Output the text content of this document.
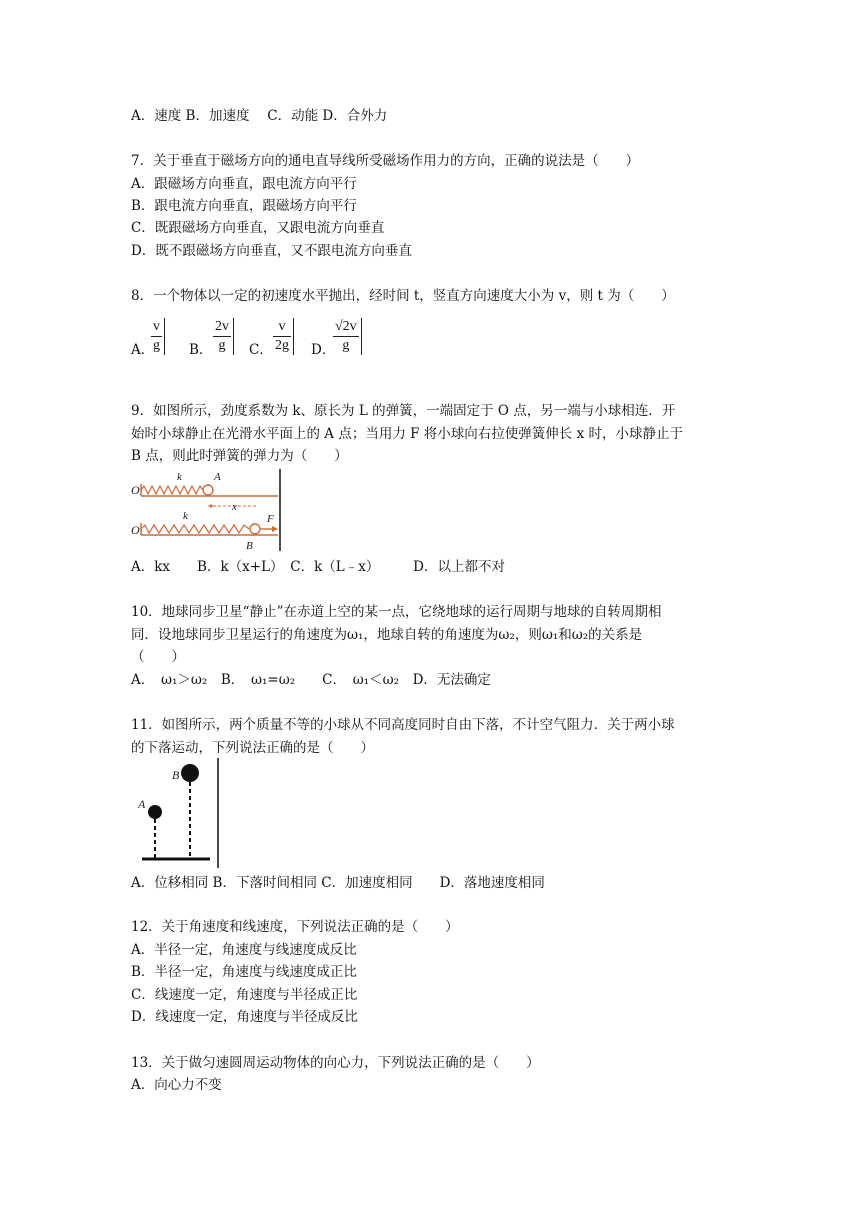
A．速度 B．加速度　 C．动能 D．合外力
7．关于垂直于磁场方向的通电直导线所受磁场作用力的方向，正确的说法是（　　）
A．跟磁场方向垂直，跟电流方向平行
B．跟电流方向垂直，跟磁场方向平行
C．既跟磁场方向垂直，又跟电流方向垂直
D．既不跟磁场方向垂直，又不跟电流方向垂直
8．一个物体以一定的初速度水平抛出，经时间 t，竖直方向速度大小为 v，则 t 为（　　）
A．
v
g B．
2v
g C．
v
2g D．
√2v
g
9．如图所示，劲度系数为 k、原长为 L 的弹簧，一端固定于 O 点，另一端与小球相连．开
始时小球静止在光滑水平面上的 A 点；当用力 F 将小球向右拉使弹簧伸长 x 时，小球静止于
B 点，则此时弹簧的弹力为（　　）
O
k	A
x
O
k	F
B
A．kx　　B．k（x+L）　C．k（L﹣x）　　　D．以上都不对
10．地球同步卫星“静止”在赤道上空的某一点，它绕地球的运行周期与地球的自转周期相
同．设地球同步卫星运行的角速度为ω₁，地球自转的角速度为ω₂，则ω₁和ω₂的关系是
（　　）
A．　ω₁＞ω₂　B．　ω₁=ω₂　　C．　ω₁＜ω₂　D．无法确定
11．如图所示，两个质量不等的小球从不同高度同时自由下落，不计空气阻力．关于两小球
的下落运动，下列说法正确的是（　　）
A
B
A．位移相同 B．下落时间相同 C．加速度相同　　D．落地速度相同
12．关于角速度和线速度，下列说法正确的是（　　）
A．半径一定，角速度与线速度成反比
B．半径一定，角速度与线速度成正比
C．线速度一定，角速度与半径成正比
D．线速度一定，角速度与半径成反比
13．关于做匀速圆周运动物体的向心力，下列说法正确的是（　　）
A．向心力不变
